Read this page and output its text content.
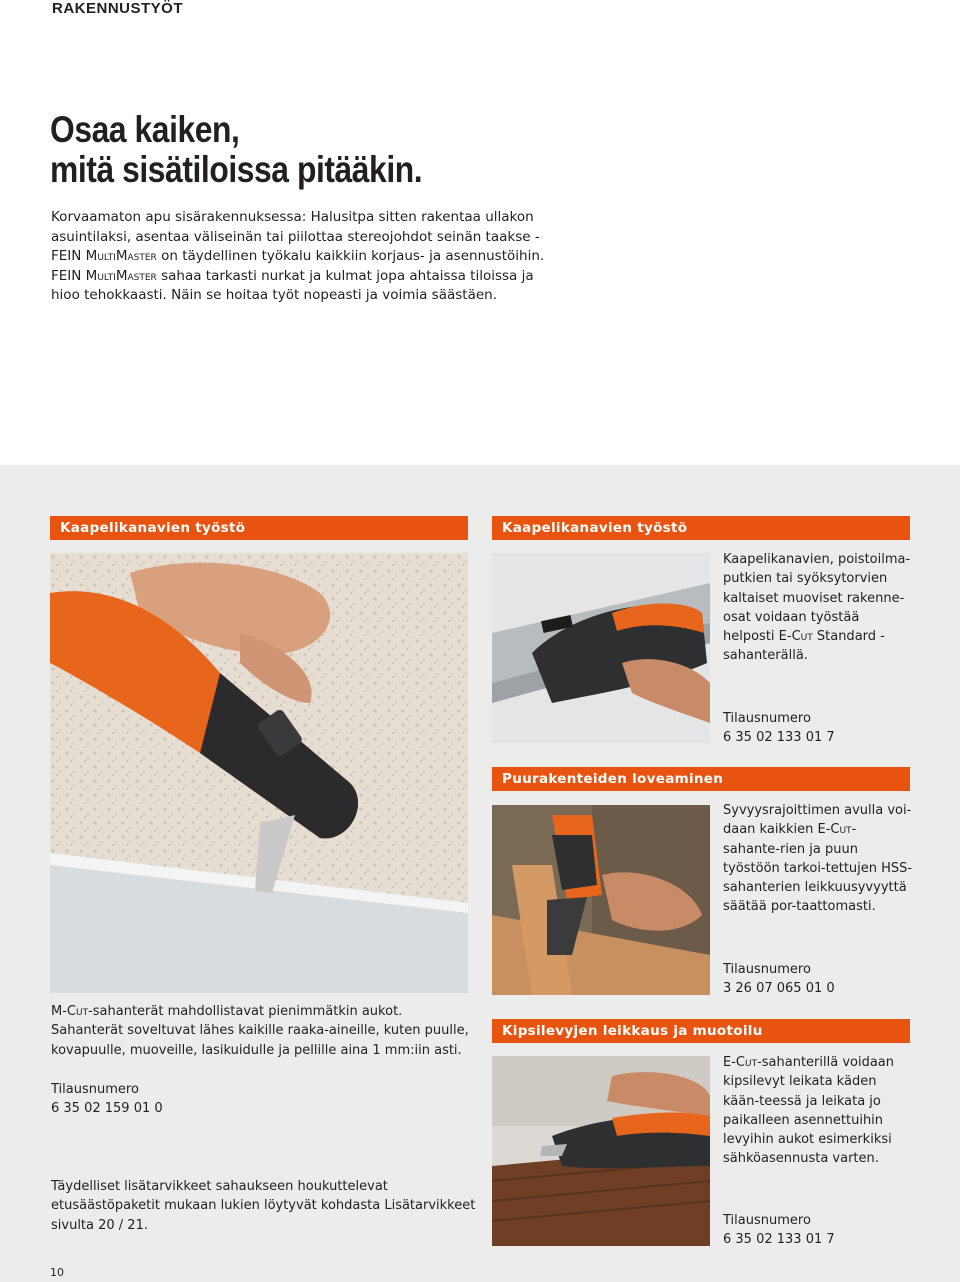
RAKENNUSTYÖT
Osaa kaiken,
mitä sisätiloissa pitääkin.
Korvaamaton apu sisärakennuksessa: Halusitpa sitten rakentaa ullakon asuintilaksi, asentaa väliseinän tai piilottaa stereojohdot seinän taakse - FEIN MultiMaster on täydellinen työkalu kaikkiin korjaus- ja asennustöihin. FEIN MultiMaster sahaa tarkasti nurkat ja kulmat jopa ahtaissa tiloissa ja hioo tehokkaasti. Näin se hoitaa työt nopeasti ja voimia säästäen.
Kaapelikanavien työstö
M-Cut-sahanterät mahdollistavat pienimmätkin aukot. Sahanterät soveltuvat lähes kaikille raaka-aineille, kuten puulle, kovapuulle, muoveille, lasikuidulle ja pellille aina 1 mm:iin asti.
Tilausnumero
6 35 02 159 01 0
Täydelliset lisätarvikkeet sahaukseen houkuttelevat etusäästöpaketit mukaan lukien löytyvät kohdasta Lisätarvikkeet sivulta 20 / 21.
Kaapelikanavien työstö
Kaapelikanavien, poistoilma-putkien tai syöksytorvien kaltaiset muoviset rakenne-osat voidaan työstää helposti E-Cut Standard -sahanterällä.
Tilausnumero
6 35 02 133 01 7
Puurakenteiden loveaminen
Syvyysrajoittimen avulla voi-daan kaikkien E-Cut-sahante-rien ja puun työstöön tarkoi-tettujen HSS-sahanterien leikkuusyvyyttä säätää por-taattomasti.
Tilausnumero
3 26 07 065 01 0
Kipsilevyjen leikkaus ja muotoilu
E-Cut-sahanterillä voidaan kipsilevyt leikata käden kään-teessä ja leikata jo paikalleen asennettuihin levyihin aukot esimerkiksi sähköasennusta varten.
Tilausnumero
6 35 02 133 01 7
10
